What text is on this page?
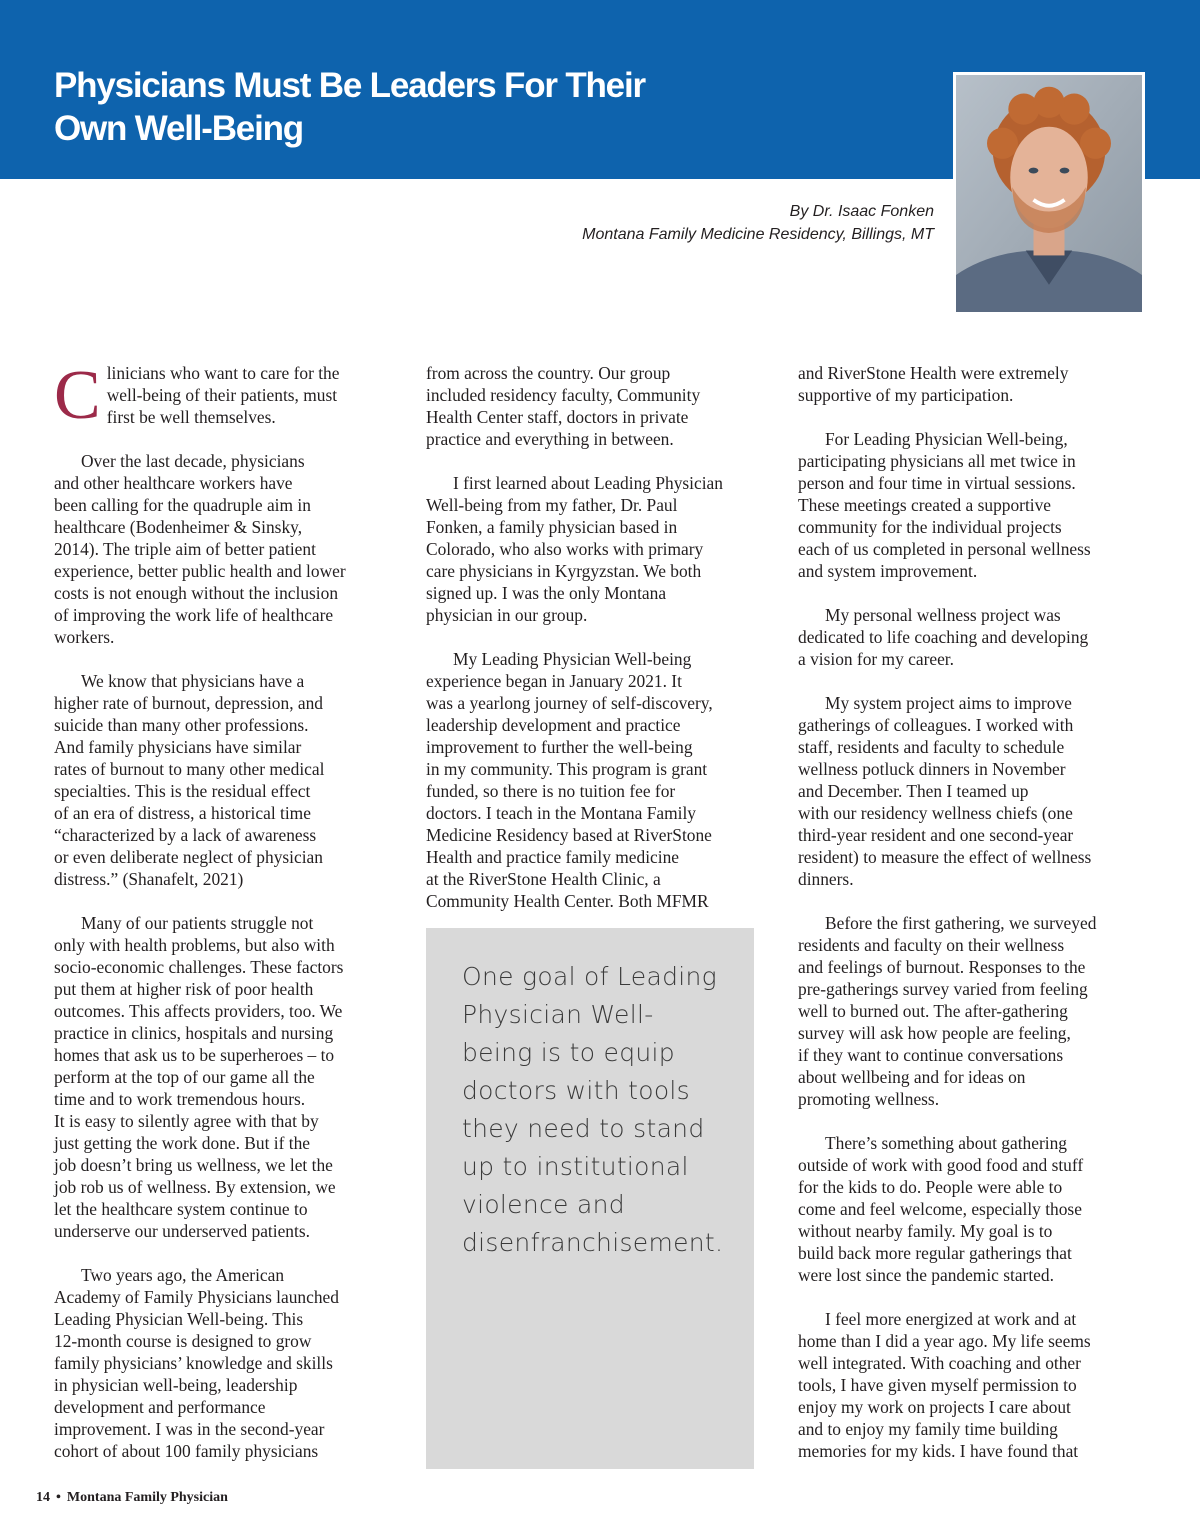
Physicians Must Be Leaders For Their
Own Well-Being
By Dr. Isaac Fonken
Montana Family Medicine Residency, Billings, MT

Clinicians who want to care for the
well-being of their patients, must
first be well themselves.

Over the last decade, physicians
and other healthcare workers have
been calling for the quadruple aim in
healthcare (Bodenheimer & Sinsky,
2014). The triple aim of better patient
experience, better public health and lower
costs is not enough without the inclusion
of improving the work life of healthcare
workers.

We know that physicians have a
higher rate of burnout, depression, and
suicide than many other professions.
And family physicians have similar
rates of burnout to many other medical
specialties. This is the residual effect
of an era of distress, a historical time
“characterized by a lack of awareness
or even deliberate neglect of physician
distress.” (Shanafelt, 2021)

Many of our patients struggle not
only with health problems, but also with
socio-economic challenges. These factors
put them at higher risk of poor health
outcomes. This affects providers, too. We
practice in clinics, hospitals and nursing
homes that ask us to be superheroes – to
perform at the top of our game all the
time and to work tremendous hours.
It is easy to silently agree with that by
just getting the work done. But if the
job doesn’t bring us wellness, we let the
job rob us of wellness. By extension, we
let the healthcare system continue to
underserve our underserved patients.

Two years ago, the American
Academy of Family Physicians launched
Leading Physician Well-being. This
12-month course is designed to grow
family physicians’ knowledge and skills
in physician well-being, leadership
development and performance
improvement. I was in the second-year
cohort of about 100 family physicians

from across the country. Our group
included residency faculty, Community
Health Center staff, doctors in private
practice and everything in between.

I first learned about Leading Physician
Well-being from my father, Dr. Paul
Fonken, a family physician based in
Colorado, who also works with primary
care physicians in Kyrgyzstan. We both
signed up. I was the only Montana
physician in our group.

My Leading Physician Well-being
experience began in January 2021. It
was a yearlong journey of self-discovery,
leadership development and practice
improvement to further the well-being
in my community. This program is grant
funded, so there is no tuition fee for
doctors. I teach in the Montana Family
Medicine Residency based at RiverStone
Health and practice family medicine
at the RiverStone Health Clinic, a
Community Health Center. Both MFMR

One goal of Leading
Physician Well-
being is to equip
doctors with tools
they need to stand
up to institutional
violence and
disenfranchisement.

and RiverStone Health were extremely
supportive of my participation.

For Leading Physician Well-being,
participating physicians all met twice in
person and four time in virtual sessions.
These meetings created a supportive
community for the individual projects
each of us completed in personal wellness
and system improvement.

My personal wellness project was
dedicated to life coaching and developing
a vision for my career.

My system project aims to improve
gatherings of colleagues. I worked with
staff, residents and faculty to schedule
wellness potluck dinners in November
and December. Then I teamed up
with our residency wellness chiefs (one
third-year resident and one second-year
resident) to measure the effect of wellness
dinners.

Before the first gathering, we surveyed
residents and faculty on their wellness
and feelings of burnout. Responses to the
pre-gatherings survey varied from feeling
well to burned out. The after-gathering
survey will ask how people are feeling,
if they want to continue conversations
about wellbeing and for ideas on
promoting wellness.

There’s something about gathering
outside of work with good food and stuff
for the kids to do. People were able to
come and feel welcome, especially those
without nearby family. My goal is to
build back more regular gatherings that
were lost since the pandemic started.

I feel more energized at work and at
home than I did a year ago. My life seems
well integrated. With coaching and other
tools, I have given myself permission to
enjoy my work on projects I care about
and to enjoy my family time building
memories for my kids. I have found that

14 • Montana Family Physician
